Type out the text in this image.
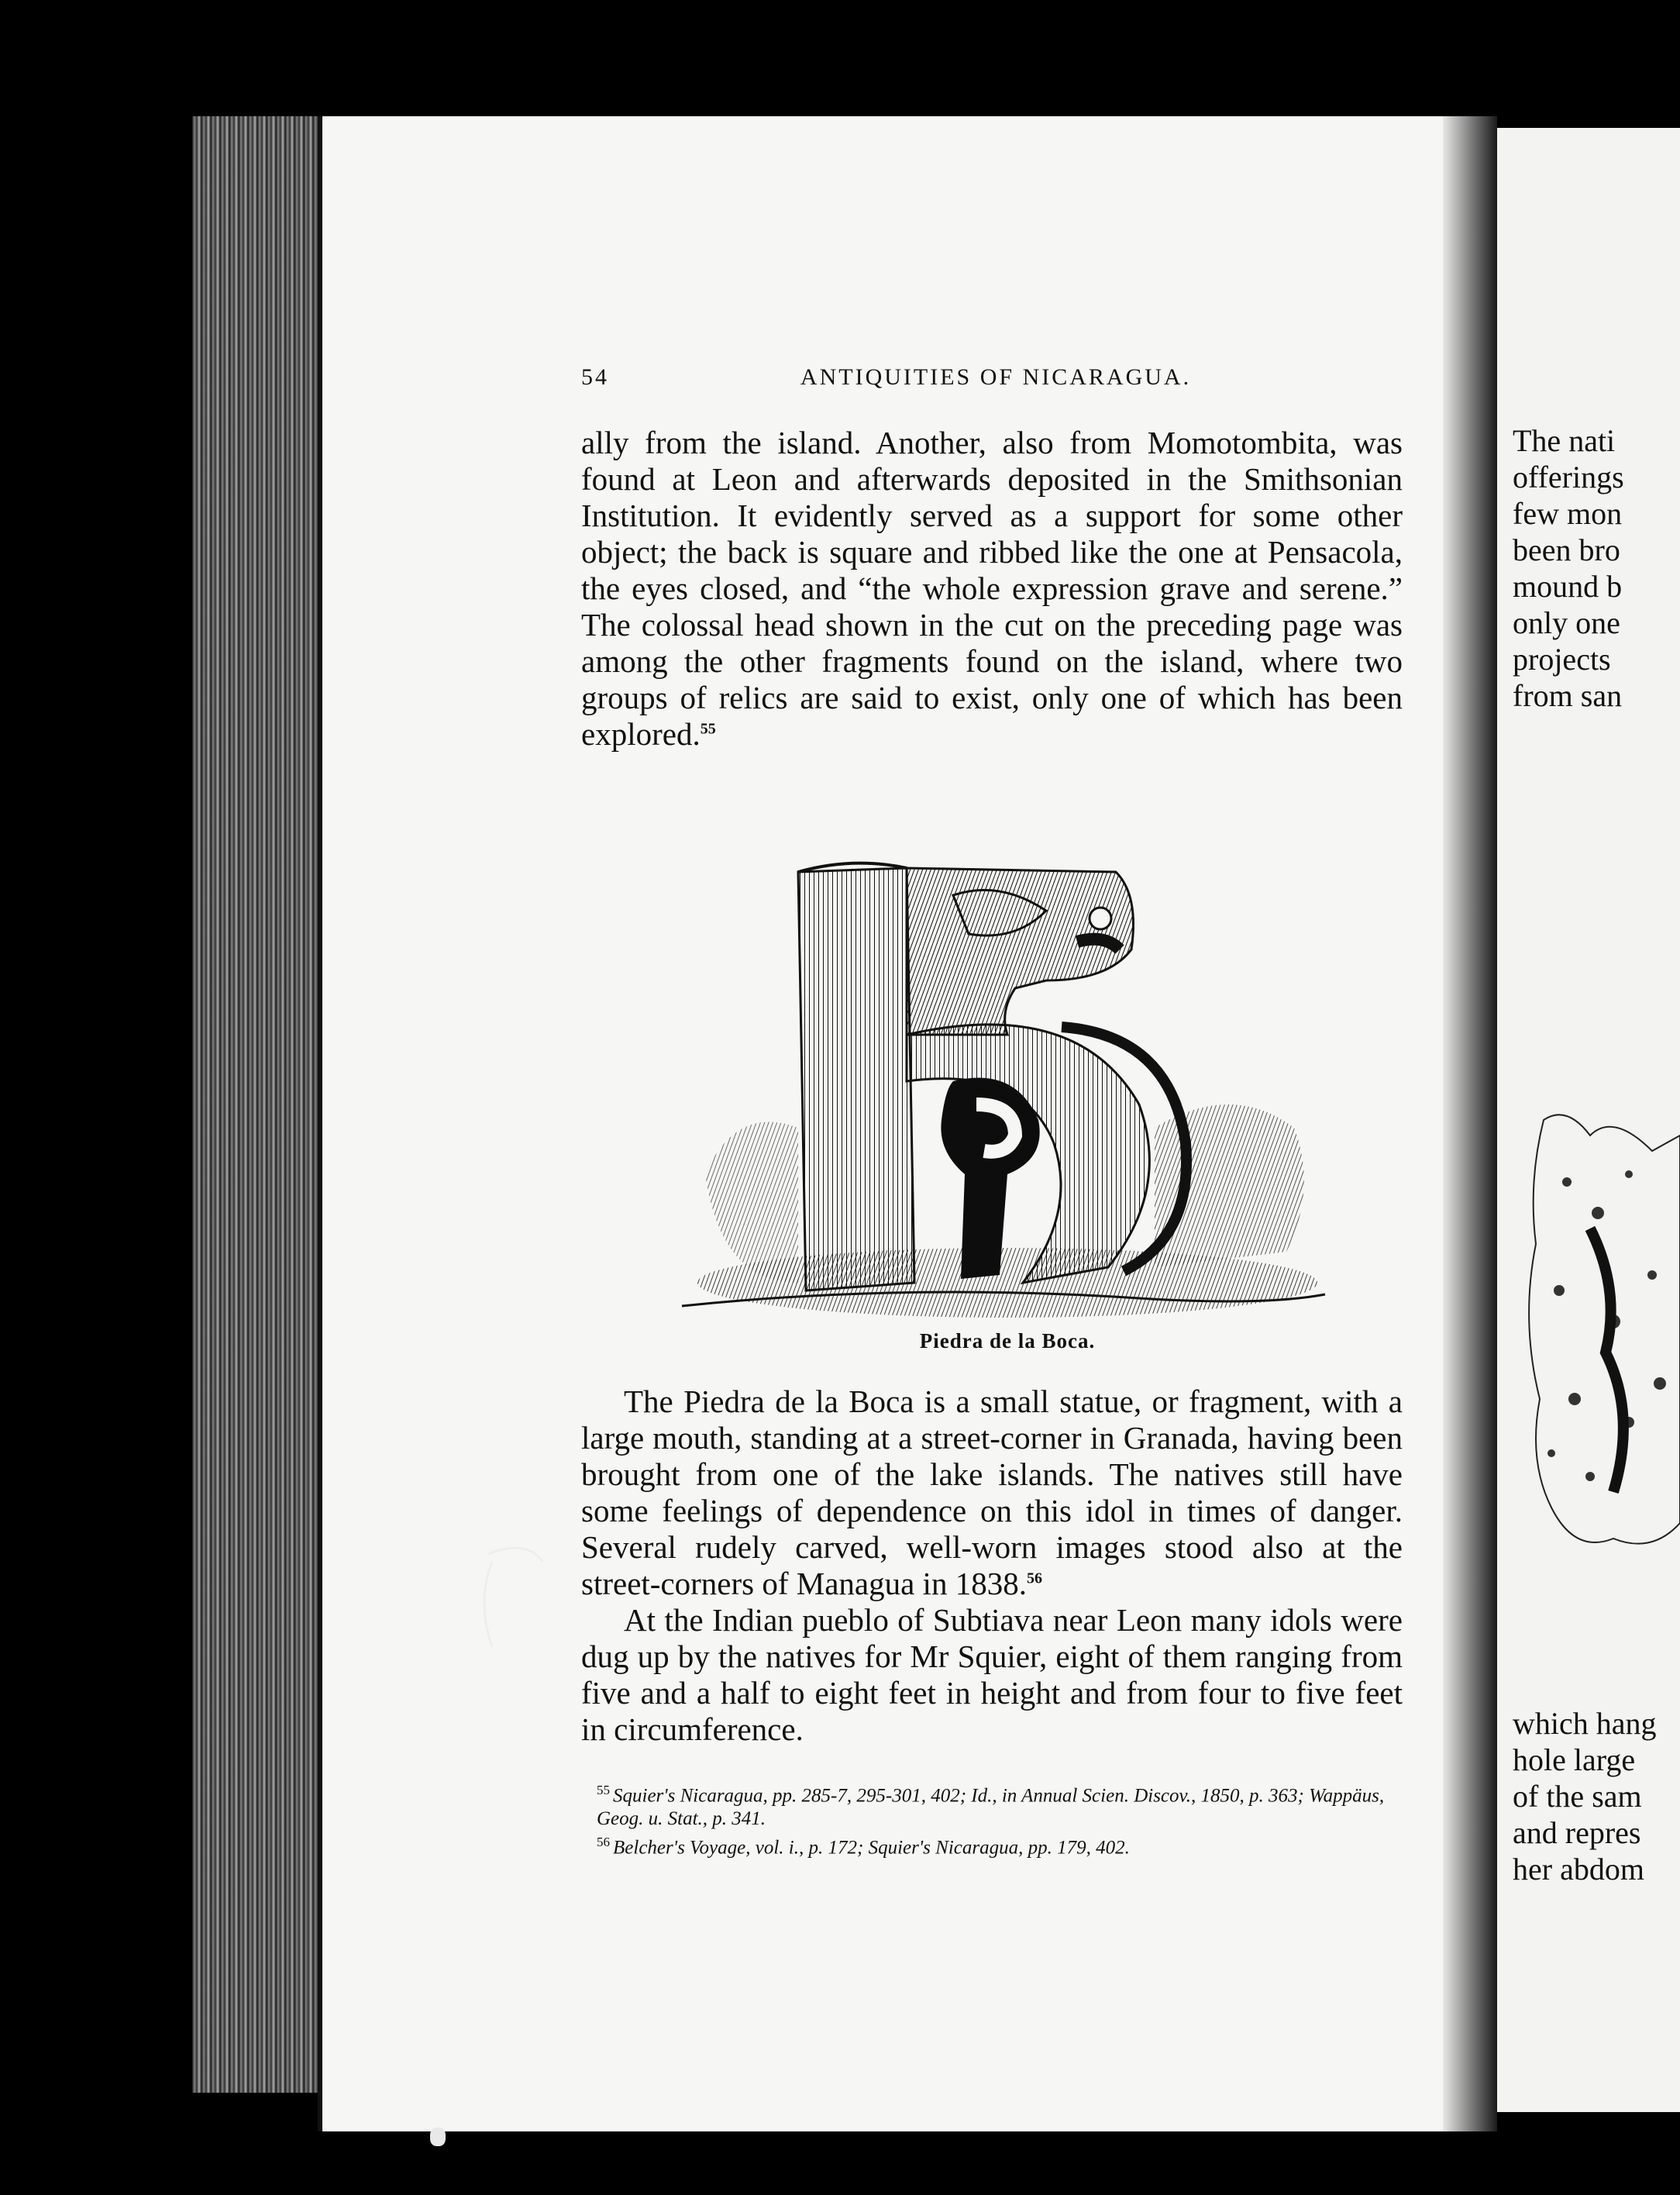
The nati
offerings
few mon
been bro
mound b
only one
projects
from san
which hang
hole large
of the sam
and repres
her abdom
54	ANTIQUITIES OF NICARAGUA.

ally from the island. Another, also from Momotombita, was found at Leon and afterwards deposited in the Smithsonian Institution. It evidently served as a support for some other object; the back is square and ribbed like the one at Pensacola, the eyes closed, and “the whole expression grave and serene.” The colossal head shown in the cut on the preceding page was among the other fragments found on the island, where two groups of relics are said to exist, only one of which has been explored.$^{55}$

Piedra de la Boca.

The Piedra de la Boca is a small statue, or fragment, with a large mouth, standing at a street-corner in Granada, having been brought from one of the lake islands. The natives still have some feelings of dependence on this idol in times of danger. Several rudely carved, well-worn images stood also at the street-corners of Managua in 1838.56

At the Indian pueblo of Subtiava near Leon many idols were dug up by the natives for Mr Squier, eight of them ranging from five and a half to eight feet in height and from four to five feet in circumference.

$^{55}$ Squier's Nicaragua, pp. 285-7, 295-301, 402; Id., in Annual Scien. Discov., 1850, p. 363; Wappäus, Geog. u. Stat., p. 341.

$^{56}$ Belcher's Voyage, vol. i., p. 172; Squier's Nicaragua, pp. 179, 402.
